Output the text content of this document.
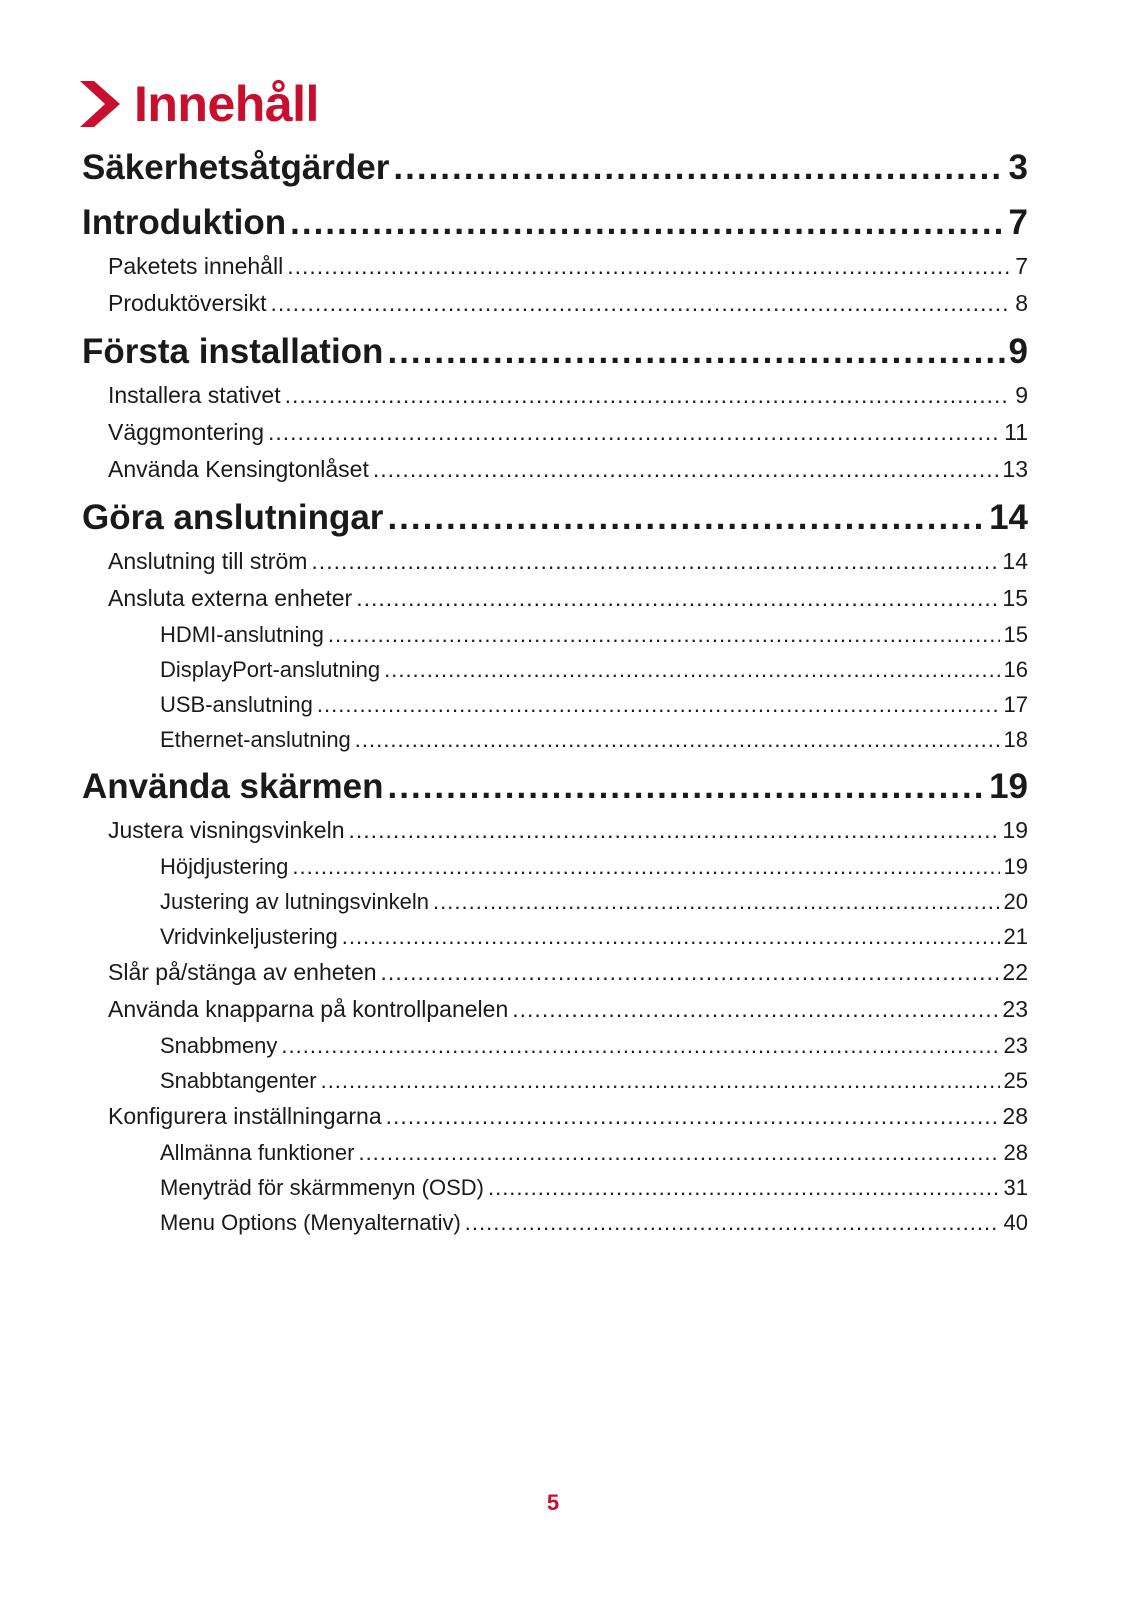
Innehåll
Säkerhetsåtgärder .....	3
Introduktion .....	7
Paketets innehåll .....	7
Produktöversikt .....	8
Första installation .....	9
Installera stativet .....	9
Väggmontering .....	11
Använda Kensingtonlåset .....	13
Göra anslutningar .....	14
Anslutning till ström .....	14
Ansluta externa enheter .....	15
HDMI-anslutning .....	15
DisplayPort-anslutning .....	16
USB-anslutning .....	17
Ethernet-anslutning .....	18
Använda skärmen .....	19
Justera visningsvinkeln .....	19
Höjdjustering .....	19
Justering av lutningsvinkeln .....	20
Vridvinkeljustering .....	21
Slår på/stänga av enheten .....	22
Använda knapparna på kontrollpanelen .....	23
Snabbmeny .....	23
Snabbtangenter .....	25
Konfigurera inställningarna .....	28
Allmänna funktioner .....	28
Menyträd för skärmmenyn (OSD) .....	31
Menu Options (Menyalternativ) .....	40
5
